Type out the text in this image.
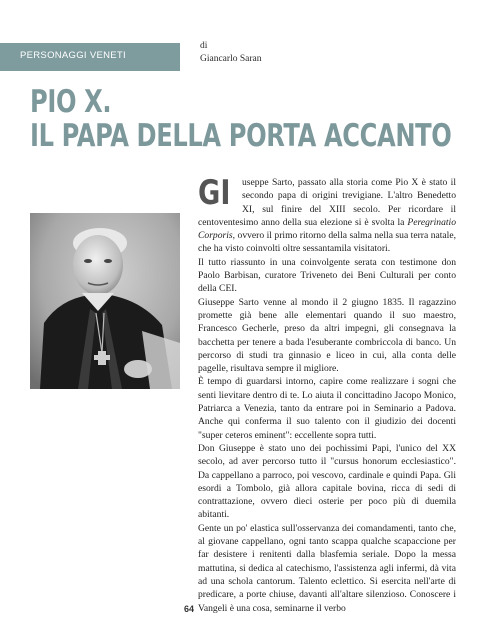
PERSONAGGI VENETI
di
Giancarlo Saran
PIO X.
IL PAPA DELLA PORTA ACCANTO

GI useppe Sarto, passato alla storia come Pio X è stato il secondo papa di origini trevigiane. L'altro Benedetto XI, sul finire del XIII secolo. Per ricordare il centoventesimo anno della sua elezione si è svolta la Peregrinatio Corporis, ovvero il primo ritorno della salma nella sua terra natale, che ha visto coinvolti oltre sessantamila visitatori.

Il tutto riassunto in una coinvolgente serata con testimone don Paolo Barbisan, curatore Triveneto dei Beni Culturali per conto della CEI.

Giuseppe Sarto venne al mondo il 2 giugno 1835. Il ragazzino promette già bene alle elementari quando il suo maestro, Francesco Gecherle, preso da altri impegni, gli consegnava la bacchetta per tenere a bada l'esuberante combriccola di banco. Un percorso di studi tra ginnasio e liceo in cui, alla conta delle pagelle, risultava sempre il migliore.

È tempo di guardarsi intorno, capire come realizzare i sogni che senti lievitare dentro di te. Lo aiuta il concittadino Jacopo Monico, Patriarca a Venezia, tanto da entrare poi in Seminario a Padova. Anche qui conferma il suo talento con il giudizio dei docenti "super ceteros eminent": eccellente sopra tutti.

Don Giuseppe è stato uno dei pochissimi Papi, l'unico del XX secolo, ad aver percorso tutto il "cursus honorum ecclesiastico". Da cappellano a parroco, poi vescovo, cardinale e quindi Papa. Gli esordi a Tombolo, già allora capitale bovina, ricca di sedi di contrattazione, ovvero dieci osterie per poco più di duemila abitanti.

Gente un po' elastica sull'osservanza dei comandamenti, tanto che, al giovane cappellano, ogni tanto scappa qualche scapaccione per far desistere i renitenti dalla blasfemia seriale. Dopo la messa mattutina, si dedica al catechismo, l'assistenza agli infermi, dà vita ad una schola cantorum. Talento eclettico. Si esercita nell'arte di predicare, a porte chiuse, davanti all'altare silenzioso. Conoscere i Vangeli è una cosa, seminarne il verbo

64
